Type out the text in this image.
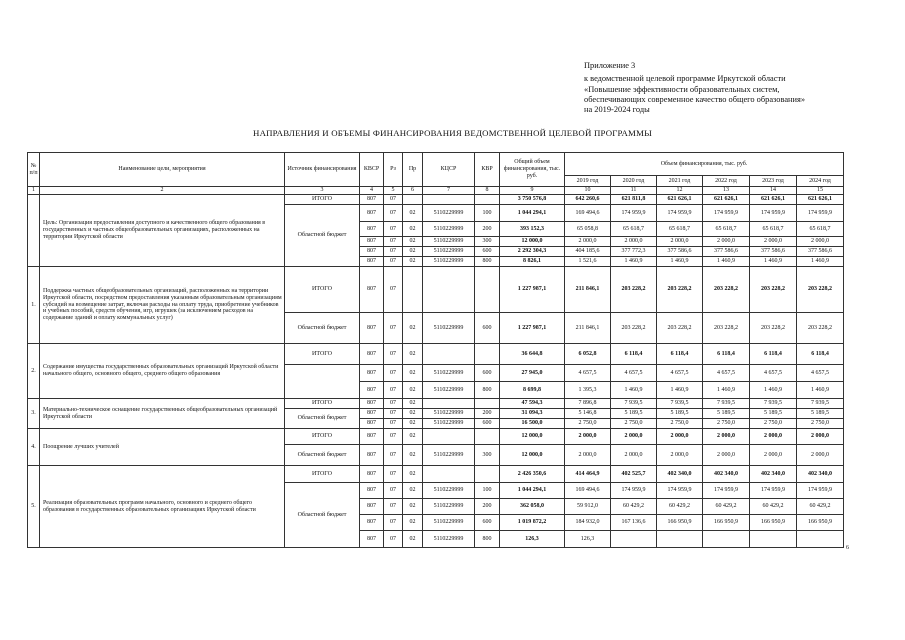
Приложение 3
к ведомственной целевой программе Иркутской области
«Повышение эффективности образовательных систем,
обеспечивающих современное качество общего образования»
на 2019-2024 годы
НАПРАВЛЕНИЯ И ОБЪЕМЫ ФИНАНСИРОВАНИЯ ВЕДОМСТВЕННОЙ ЦЕЛЕВОЙ ПРОГРАММЫ
№ п/п	Наименование цели, мероприятия	Источник финансирования	КВСР	Рз	Пр	КЦСР	КВР	Общий объем финансирования, тыс. руб.	Объем финансирования, тыс. руб.					
									2019 год	2020 год	2021 год	2022 год	2023 год	2024 год
1	2	3	4	5	6	7	8	9	10	11	12	13	14	15
	Цель: Организация предоставления доступного и качественного общего образования в государственных и частных общеобразовательных организациях, расположенных на территории Иркутской области	ИТОГО	807	07				3 750 576,8	642 260,6	621 811,8	621 626,1	621 626,1	621 626,1	621 626,1
		Областной бюджет	807	07	02	5110229999	100	1 044 294,1	169 494,6	174 959,9	174 959,9	174 959,9	174 959,9	174 959,9
			807	07	02	5110229999	200	393 152,3	65 058,8	65 618,7	65 618,7	65 618,7	65 618,7	65 618,7
			807	07	02	5110229999	300	12 000,0	2 000,0	2 000,0	2 000,0	2 000,0	2 000,0	2 000,0
			807	07	02	5110229999	600	2 292 304,3	404 185,6	377 772,3	377 586,6	377 586,6	377 586,6	377 586,6
			807	07	02	5110229999	800	8 826,1	1 521,6	1 460,9	1 460,9	1 460,9	1 460,9	1 460,9
1.	Поддержка частных общеобразовательных организаций, расположенных на территории Иркутской области, посредством предоставления указанным образовательным организациям субсидий на возмещение затрат, включая расходы на оплату труда, приобретение учебников и учебных пособий, средств обучения, игр, игрушек (за исключением расходов на содержание зданий и оплату коммунальных услуг)	ИТОГО	807	07				1 227 987,1	211 846,1	203 228,2	203 228,2	203 228,2	203 228,2	203 228,2
		Областной бюджет	807	07	02	5110229999	600	1 227 987,1	211 846,1	203 228,2	203 228,2	203 228,2	203 228,2	203 228,2
2.	Содержание имущества государственных образовательных организаций Иркутской области начального общего, основного общего, среднего общего образования	ИТОГО	807	07	02			36 644,8	6 052,8	6 118,4	6 118,4	6 118,4	6 118,4	6 118,4
			807	07	02	5110229999	600	27 945,0	4 657,5	4 657,5	4 657,5	4 657,5	4 657,5	4 657,5
			807	07	02	5110229999	800	8 699,8	1 395,3	1 460,9	1 460,9	1 460,9	1 460,9	1 460,9
3.	Материально-техническое оснащение государственных общеобразовательных организаций Иркутской области	ИТОГО	807	07	02			47 594,3	7 896,8	7 939,5	7 939,5	7 939,5	7 939,5	7 939,5
		Областной бюджет	807	07	02	5110229999	200	31 094,3	5 146,8	5 189,5	5 189,5	5 189,5	5 189,5	5 189,5
			807	07	02	5110229999	600	16 500,0	2 750,0	2 750,0	2 750,0	2 750,0	2 750,0	2 750,0
4.	Поощрение лучших учителей	ИТОГО	807	07	02			12 000,0	2 000,0	2 000,0	2 000,0	2 000,0	2 000,0	2 000,0
		Областной бюджет	807	07	02	5110229999	300	12 000,0	2 000,0	2 000,0	2 000,0	2 000,0	2 000,0	2 000,0
5.	Реализация образовательных программ начального, основного и среднего общего образования в государственных образовательных организациях Иркутской области	ИТОГО	807	07	02			2 426 350,6	414 464,9	402 525,7	402 340,0	402 340,0	402 340,0	402 340,0
		Областной бюджет	807	07	02	5110229999	100	1 044 294,1	169 494,6	174 959,9	174 959,9	174 959,9	174 959,9	174 959,9
			807	07	02	5110229999	200	362 058,0	59 912,0	60 429,2	60 429,2	60 429,2	60 429,2	60 429,2
			807	07	02	5110229999	600	1 019 872,2	184 932,0	167 136,6	166 950,9	166 950,9	166 950,9	166 950,9
			807	07	02	5110229999	800	126,3	126,3					
6
